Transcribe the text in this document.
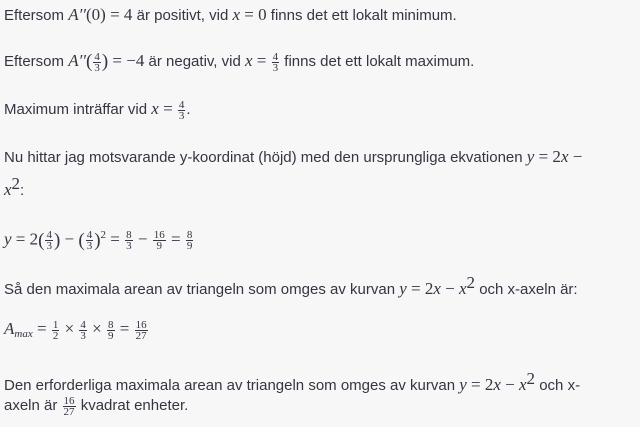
Eftersom A′′(0) = 4 är positivt, vid x = 0 finns det ett lokalt minimum.
Eftersom $A''( \frac{4}{3}$ ) = −4 är negativ, vid $x = \frac{4}{3}$ finns det ett lokalt maximum.
Maximum inträffar vid $x = \frac{4}{3}$ .
Nu hittar jag motsvarande y-koordinat (höjd) med den ursprungliga ekvationen y = 2x −
$x^2$:
$y = 2( \frac{4}{3}$ ) − ( $\frac{4}{3} )^2 = \frac{8}{3} - \frac{16}{9} = \frac{8}{9}$
Så den maximala arean av triangeln som omges av kurvan $y = 2x - x^2$ och x-axeln är:
$A_{max} = \frac{1}{2} \times \frac{4}{3} \times \frac{8}{9} = \frac{16}{27}$
Den erforderliga maximala arean av triangeln som omges av kurvan $y = 2x - x^2$ och x-
axeln är $\frac{16}{27}$ kvadrat enheter.
